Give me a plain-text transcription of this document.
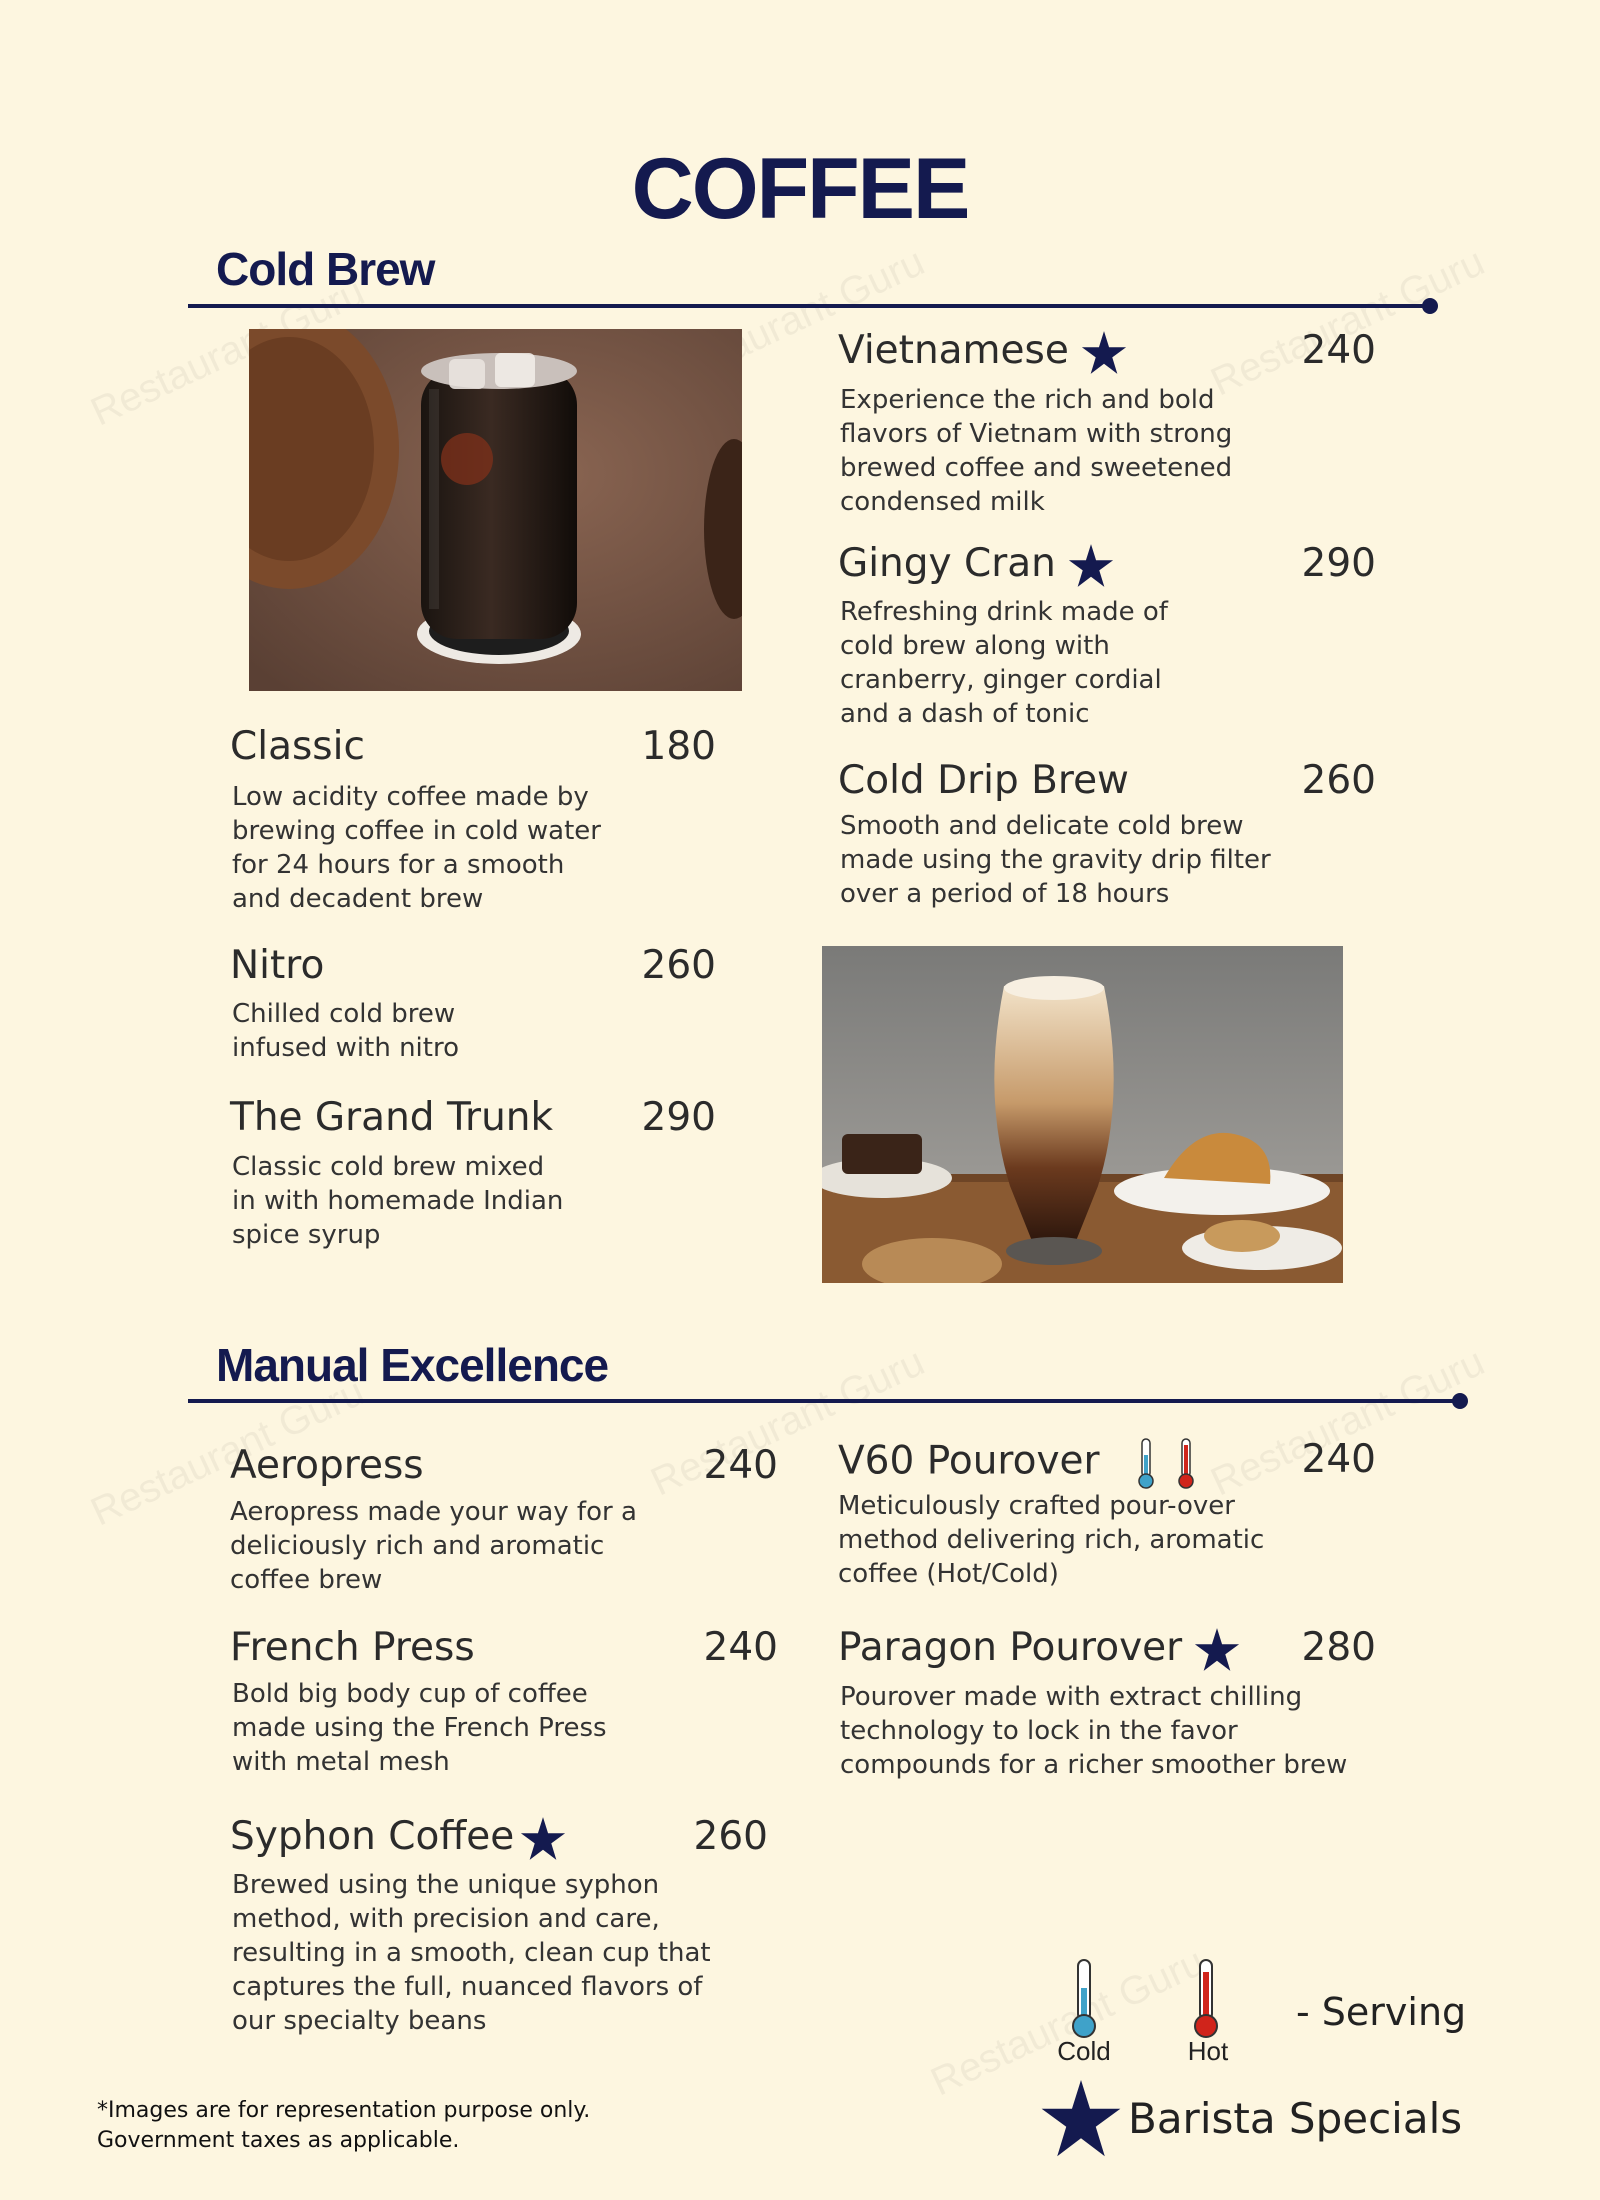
COFFEE
Cold Brew
Classic	180
Low acidity coffee made by
brewing coffee in cold water
for 24 hours for a smooth
and decadent brew
Nitro	260
Chilled cold brew
infused with nitro
The Grand Trunk	290
Classic cold brew mixed
in with homemade Indian
spice syrup
Vietnamese	240
Experience the rich and bold
flavors of Vietnam with strong
brewed coffee and sweetened
condensed milk
Gingy Cran	290
Refreshing drink made of
cold brew along with
cranberry, ginger cordial
and a dash of tonic
Cold Drip Brew	260
Smooth and delicate cold brew
made using the gravity drip filter
over a period of 18 hours
Manual Excellence
Aeropress	240
Aeropress made your way for a
deliciously rich and aromatic
coffee brew
French Press	240
Bold big body cup of coffee
made using the French Press
with metal mesh
Syphon Coffee	260
Brewed using the unique syphon
method, with precision and care,
resulting in a smooth, clean cup that
captures the full, nuanced flavors of
our specialty beans
V60 Pourover	240
Meticulously crafted pour-over
method delivering rich, aromatic
coffee (Hot/Cold)
Paragon Pourover	280
Pourover made with extract chilling
technology to lock in the favor
compounds for a richer smoother brew
Cold	Hot
- Serving
Barista Specials
*Images are for representation purpose only.
Government taxes as applicable.
